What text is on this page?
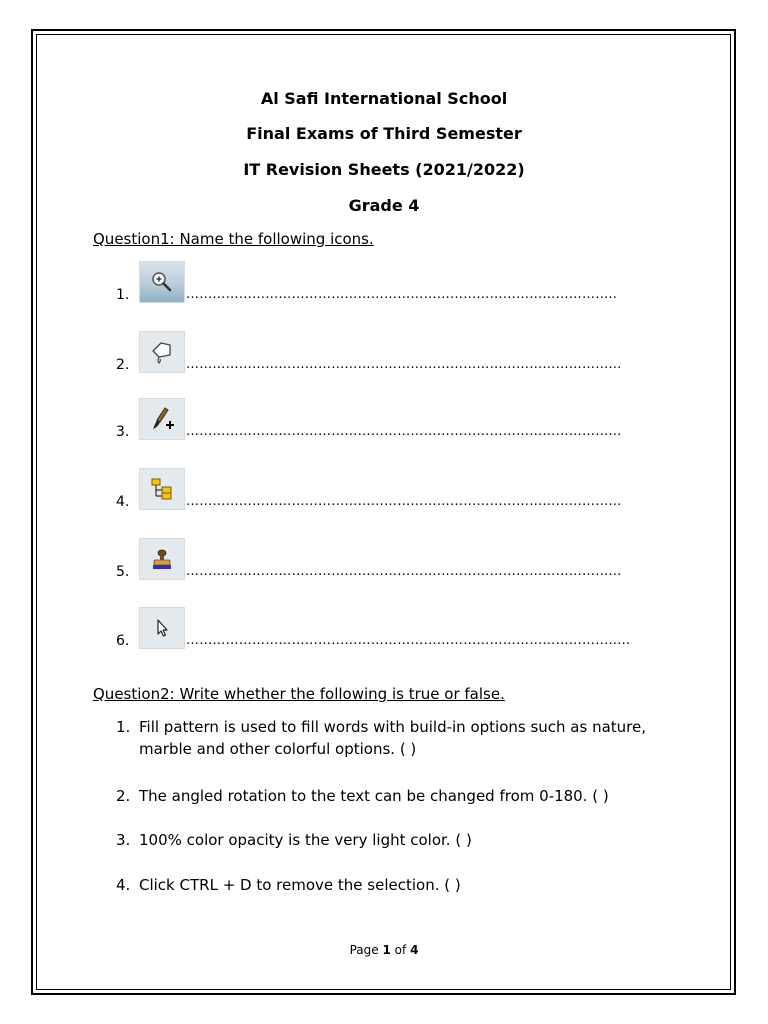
Al Safi International School
Final Exams of Third Semester
IT Revision Sheets (2021/2022)
Grade 4
Question1: Name the following icons.
1.	……………………………………………………………………………………..
2.	………………………………………………………………………………………
3.	………………………………………………………………………………………
4.	………………………………………………………………………………………
5.	………………………………………………………………………………………
6.	………………………………………………………………………………………..
Question2: Write whether the following is true or false.
1. Fill pattern is used to fill words with build-in options such as nature, marble and other colorful options. ( )
2. The angled rotation to the text can be changed from 0-180. ( )
3. 100% color opacity is the very light color. ( )
4. Click CTRL + D to remove the selection. ( )
Page 1 of 4
